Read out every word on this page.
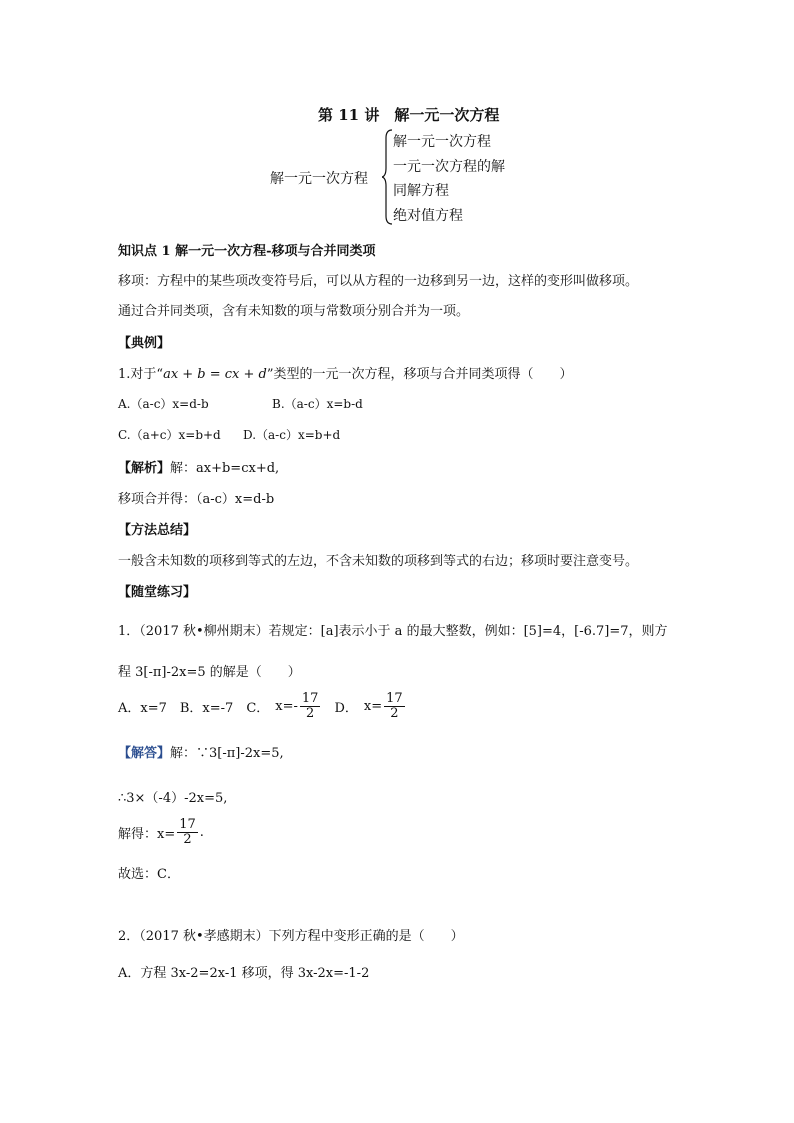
第 11 讲　解一元一次方程
解一元一次方程
解一元一次方程
一元一次方程的解
同解方程
绝对值方程
知识点 1 解一元一次方程-移项与合并同类项
移项：方程中的某些项改变符号后，可以从方程的一边移到另一边，这样的变形叫做移项。
通过合并同类项，含有未知数的项与常数项分别合并为一项。
【典例】
1.对于“ax + b = cx + d”类型的一元一次方程，移项与合并同类项得（　　）
A.（a-c）x=d-b	B.（a-c）x=b-d
C.（a+c）x=b+d D.（a-c）x=b+d
【解析】解：ax+b=cx+d,
移项合并得：（a-c）x=d-b
【方法总结】
一般含未知数的项移到等式的左边，不含未知数的项移到等式的右边；移项时要注意变号。
【随堂练习】
1．（2017 秋•柳州期末）若规定：[a]表示小于 a 的最大整数，例如：[5]=4，[-6.7]=7，则方
程 3[-π]-2x=5 的解是（　　）
A．x=7　B．x=-7　C． $x=- \frac{17}{2}$ D． $x= \frac{17}{2}$
【解答】解：∵3[-π]-2x=5,
∴3×（-4）-2x=5,
解得：$x= \frac{17}{2}$ .
故选：C．
2．（2017 秋•孝感期末）下列方程中变形正确的是（　　）
A．方程 3x-2=2x-1 移项，得 3x-2x=-1-2
